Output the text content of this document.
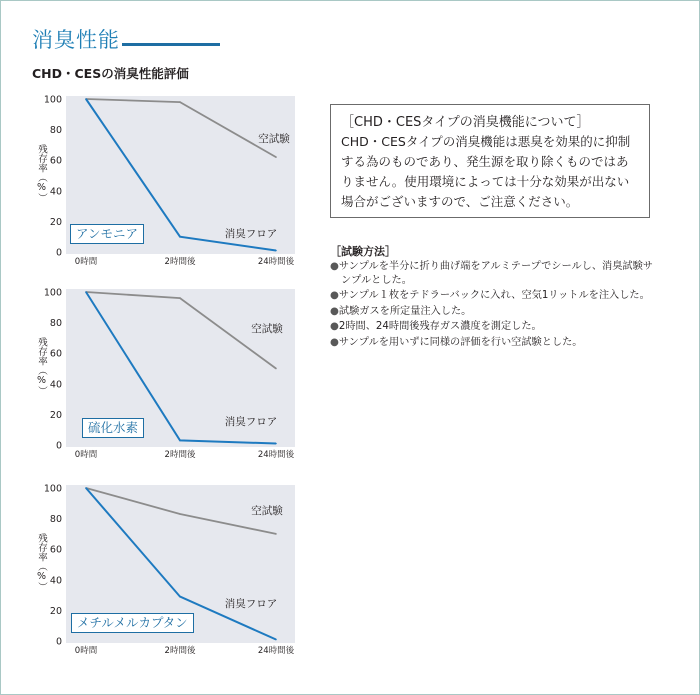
消臭性能
CHD・CESの消臭性能評価
0
20
40
60
80
100
0時間	2時間後	24時間後
空試験
消臭フロア
残存率（%）
アンモニア
0
20
40
60
80
100
0時間	2時間後	24時間後
空試験
消臭フロア
残存率（%）
硫化水素
0
20
40
60
80
100
0時間	2時間後	24時間後
空試験
消臭フロア
残存率（%）
メチルメルカプタン
［CHD・CESタイプの消臭機能について］
CHD・CESタイプの消臭機能は悪臭を効果的に抑制する為のものであり、発生源を取り除くものではありません。使用環境によっては十分な効果が出ない場合がございますので、ご注意ください。
［試験方法］
●サンプルを半分に折り曲げ端をアルミテープでシールし、消臭試験サンプルとした。
●サンプル１枚をテドラーバックに入れ、空気1リットルを注入した。
●試験ガスを所定量注入した。
●2時間、24時間後残存ガス濃度を測定した。
●サンプルを用いずに同様の評価を行い空試験とした。
